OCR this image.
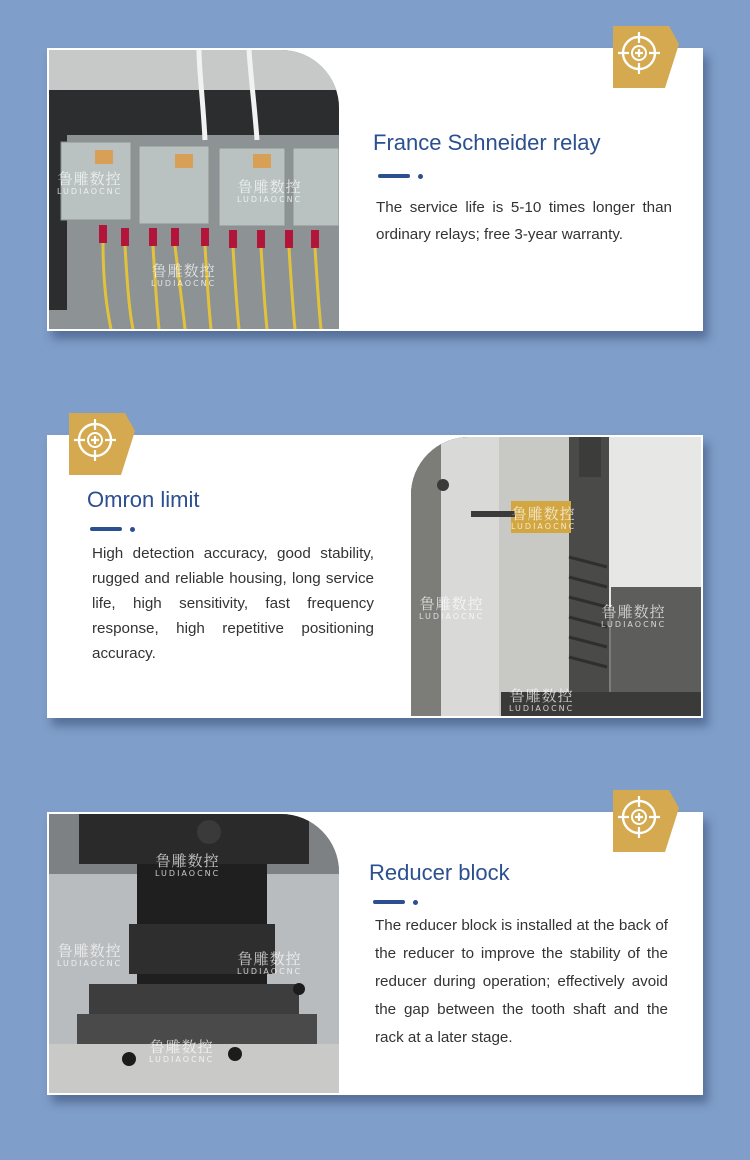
鲁雕数控
LUDIAOCNC	鲁雕数控
LUDIAOCNC
鲁雕数控
LUDIAOCNC
France Schneider relay
The service life is 5-10 times longer than ordinary relays; free 3-year warranty.
Omron limit
High detection accuracy, good stability, rugged and reliable housing, long service life, high sensitivity, fast frequency response, high repetitive positioning accuracy.
鲁雕数控
LUDIAOCNC
鲁雕数控
LUDIAOCNC
鲁雕数控
LUDIAOCNC
鲁雕数控
LUDIAOCNC
鲁雕数控
LUDIAOCNC
鲁雕数控
LUDIAOCNC	鲁雕数控
LUDIAOCNC
鲁雕数控
LUDIAOCNC
Reducer block
The reducer block is installed at the back of the reducer to improve the stability of the reducer during operation; effectively avoid the gap between the tooth shaft and the rack at a later stage.
